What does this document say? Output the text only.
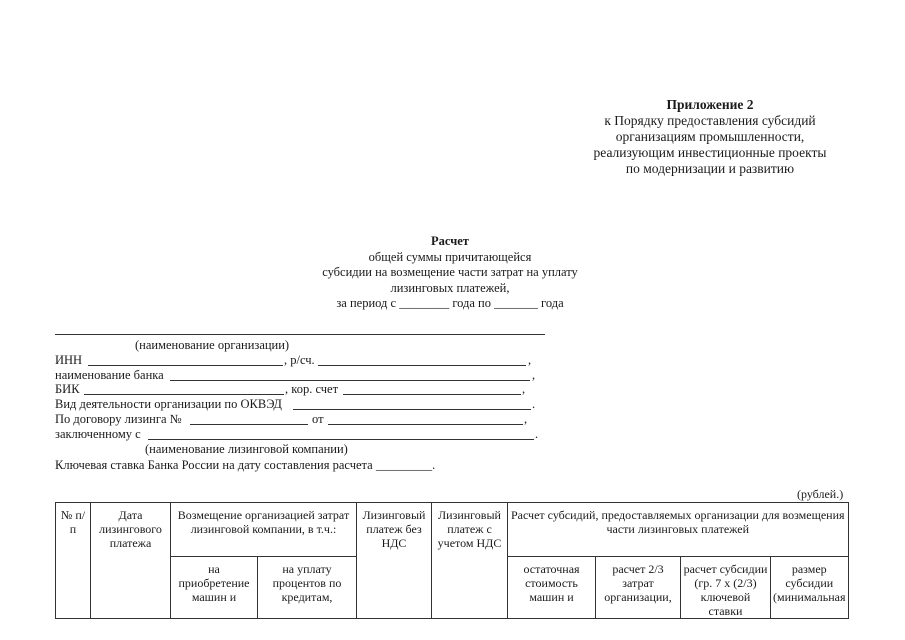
Приложение 2
к Порядку предоставления субсидий
организациям промышленности,
реализующим инвестиционные проекты
по модернизации и развитию
Расчет
общей суммы причитающейся
субсидии на возмещение части затрат на уплату
лизинговых платежей,
за период с ________ года по _______ года
(наименование организации)
ИНН	, р/сч.	,
наименование банка	,
БИК	, кор. счет	,
Вид деятельности организации по ОКВЭД	.
По договору лизинга №	от	,
заключенному с	.
(наименование лизинговой компании)
Ключевая ставка Банка России на дату составления расчета _________.
(рублей.)
№ п/п	Дата лизингового платежа	Возмещение организацией затрат лизинговой компании, в т.ч.:		Лизинговый платеж без НДС	Лизинговый платеж с учетом НДС	Расчет субсидий, предоставляемых организации для возмещения части лизинговых платежей			
		на приобретение машин и	на уплату процентов по кредитам,			остаточная стоимость машин и	расчет 2/3 затрат организации,	расчет субсидии (гр. 7 х (2/3) ключевой ставки	размер субсидии (минимальная
